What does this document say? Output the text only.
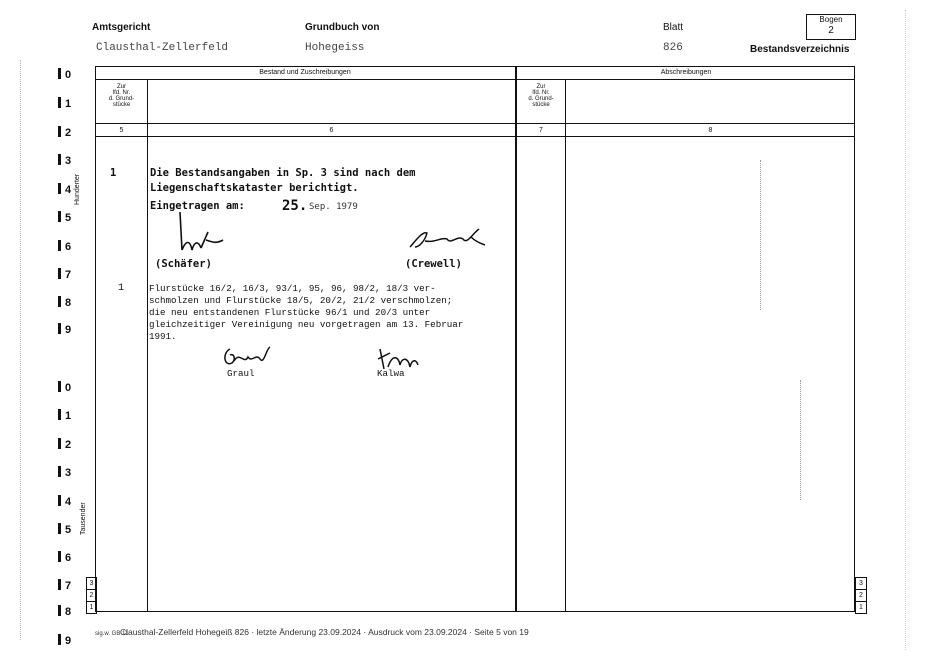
Amtsgericht
Clausthal-Zellerfeld
Grundbuch von
Hohegeiss
Blatt
826
Bogen
2
Bestandsverzeichnis
Bestand und Zuschreibungen	Abschreibungen
Zur
lfd. Nr.
d. Grund-
stücke
Zur
lfd. Nr.
d. Grund-
stücke
5	6	7	8
0
1
2
3
4
5
6
7
8
9
0
1
2
3
4
5
6
7
8
9
Hunderter
Tausender
3
2
1
3
2
1
1	Die Bestandsangaben in Sp. 3 sind nach dem
Liegenschaftskataster berichtigt.
Eingetragen am:	25. Sep. 1979
(Schäfer)	(Crewell)
1	Flurstücke 16/2, 16/3, 93/1, 95, 96, 98/2, 18/3 ver-
schmolzen und Flurstücke 18/5, 20/2, 21/2 verschmolzen;
die neu entstandenen Flurstücke 96/1 und 20/3 unter
gleichzeitiger Vereinigung neu vorgetragen am 13. Februar
1991.
Graul	Kalwa
sig.w. GB 11
Clausthal-Zellerfeld Hohegeiß 826 · letzte Änderung 23.09.2024 · Ausdruck vom 23.09.2024 · Seite 5 von 19
